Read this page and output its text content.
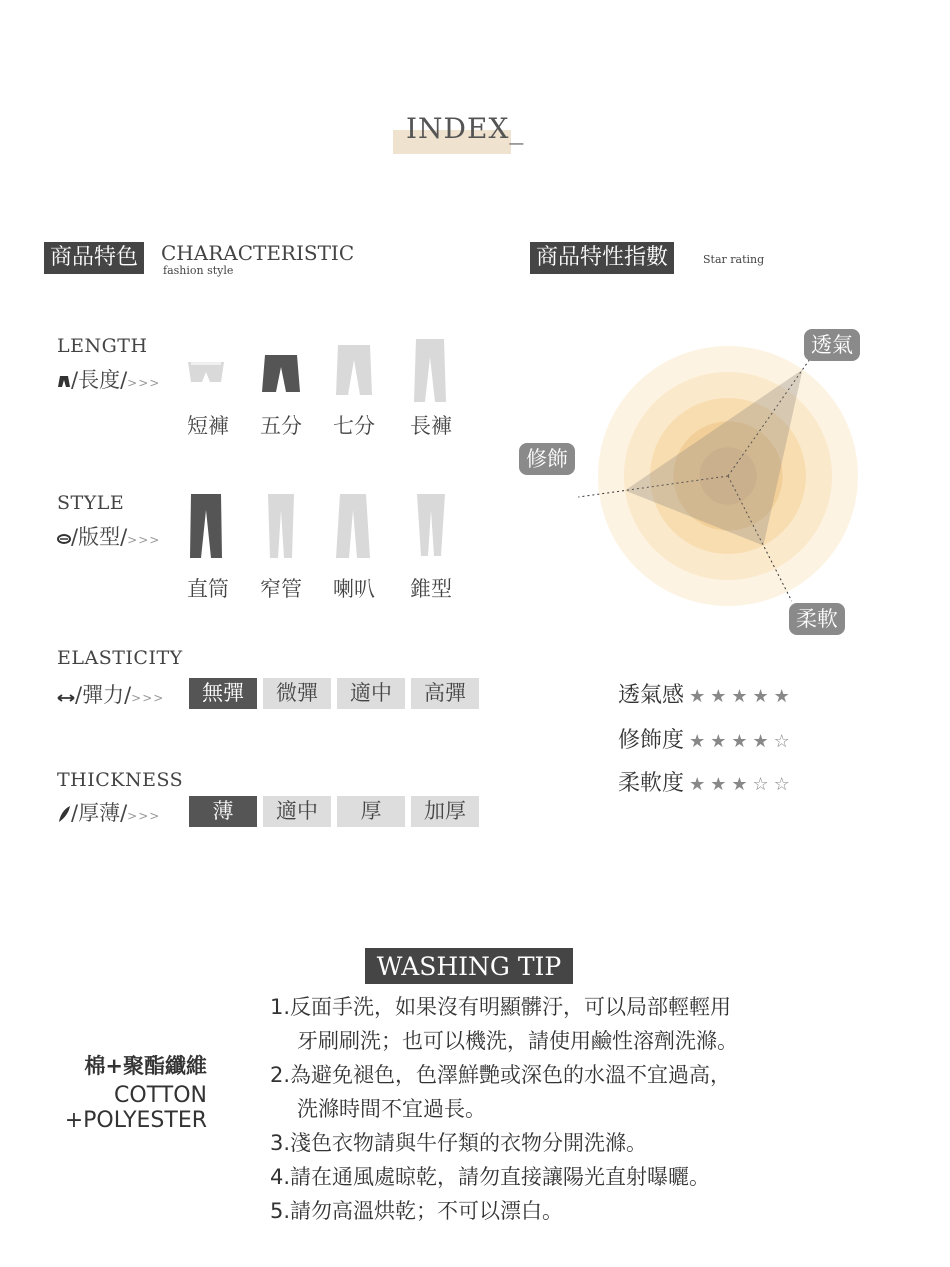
INDEX_
商品特色	CHARACTERISTIC
fashion style
商品特性指數	Star rating
LENGTH
/長度/>>>
短褲	五分	七分	長褲
STYLE
/版型/>>>
直筒	窄管	喇叭	錐型
ELASTICITY
/彈力/>>>	無彈	微彈	適中	高彈
THICKNESS
/厚薄/>>>	薄	適中	厚	加厚
透氣
修飾
柔軟
透氣感 ★★★★★
修飾度 ★★★★☆
柔軟度 ★★★☆☆
WASHING TIP
1.反面手洗，如果沒有明顯髒汙，可以局部輕輕用
牙刷刷洗；也可以機洗，請使用鹼性溶劑洗滌。
2.為避免褪色，色澤鮮艷或深色的水溫不宜過高，
洗滌時間不宜過長。
3.淺色衣物請與牛仔類的衣物分開洗滌。
4.請在通風處晾乾，請勿直接讓陽光直射曝曬。
5.請勿高溫烘乾；不可以漂白。
棉+聚酯纖維
COTTON
+POLYESTER
